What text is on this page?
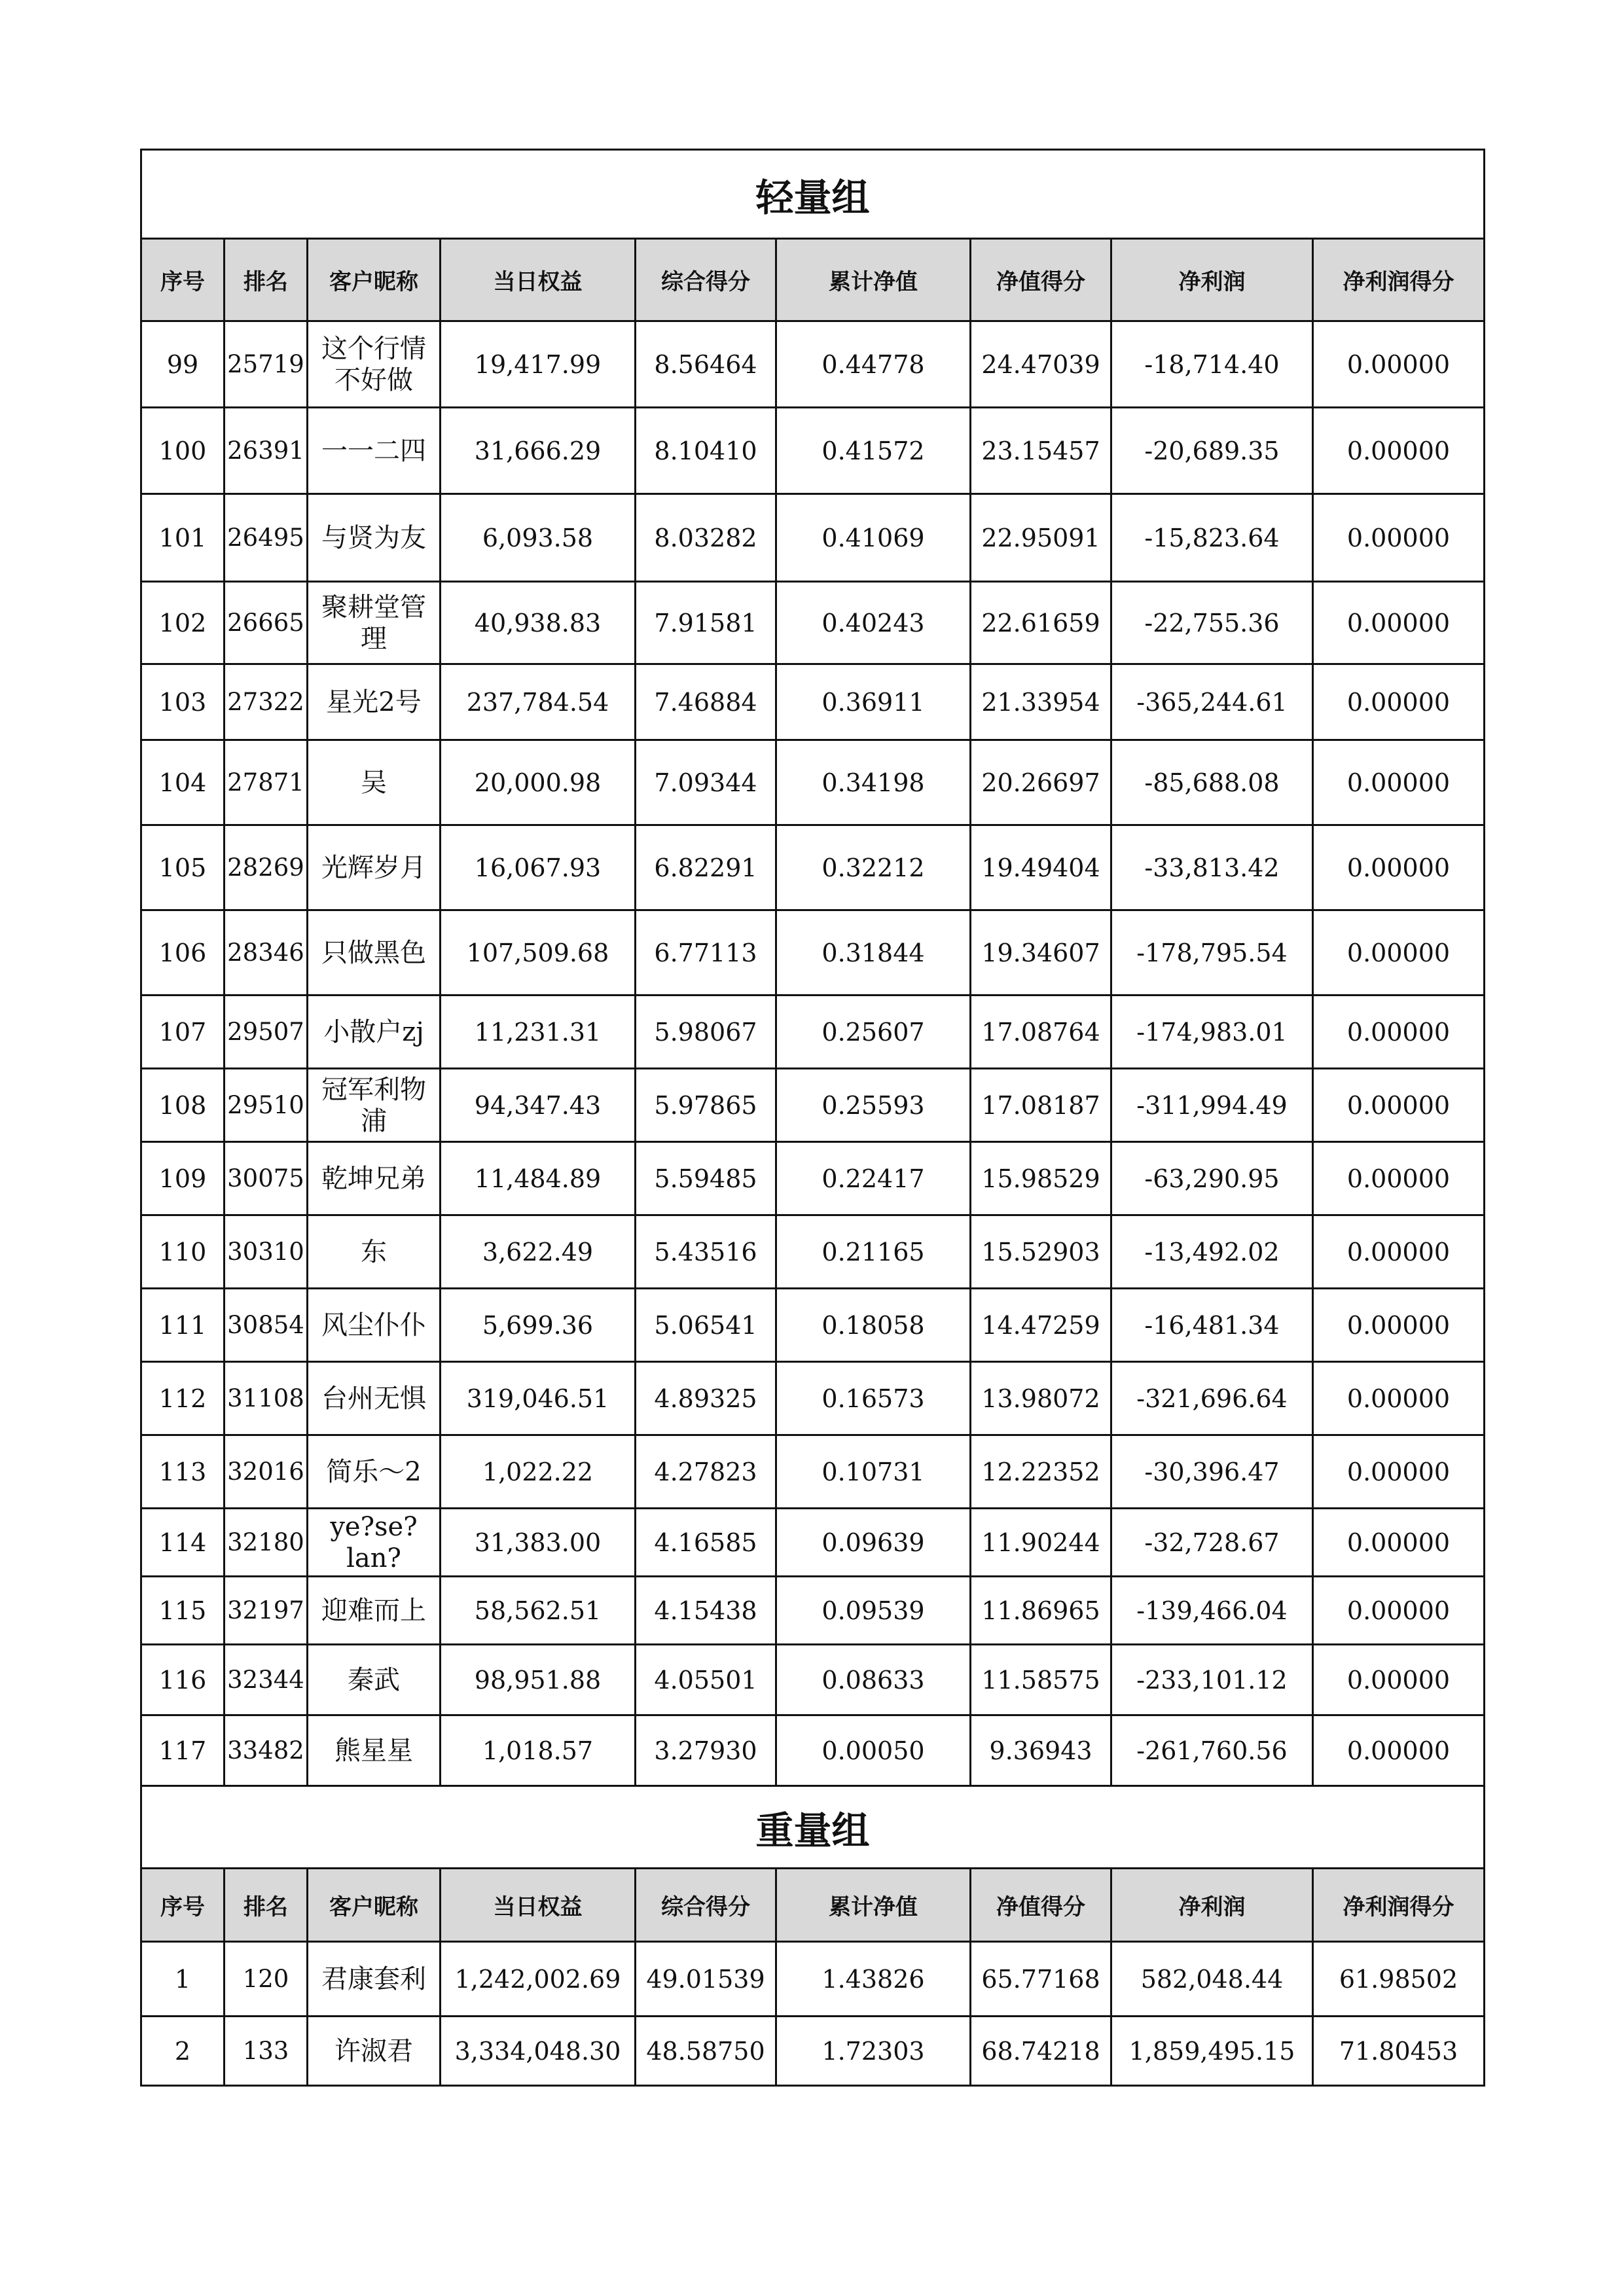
轻量组								
序号	排名	客户昵称	当日权益	综合得分	累计净值	净值得分	净利润	净利润得分
99	25719	这个行情不好做	19,417.99	8.56464	0.44778	24.47039	-18,714.40	0.00000
100	26391	一一二四	31,666.29	8.10410	0.41572	23.15457	-20,689.35	0.00000
101	26495	与贤为友	6,093.58	8.03282	0.41069	22.95091	-15,823.64	0.00000
102	26665	聚耕堂管理	40,938.83	7.91581	0.40243	22.61659	-22,755.36	0.00000
103	27322	星光2号	237,784.54	7.46884	0.36911	21.33954	-365,244.61	0.00000
104	27871	吴	20,000.98	7.09344	0.34198	20.26697	-85,688.08	0.00000
105	28269	光辉岁月	16,067.93	6.82291	0.32212	19.49404	-33,813.42	0.00000
106	28346	只做黑色	107,509.68	6.77113	0.31844	19.34607	-178,795.54	0.00000
107	29507	小散户zj	11,231.31	5.98067	0.25607	17.08764	-174,983.01	0.00000
108	29510	冠军利物浦	94,347.43	5.97865	0.25593	17.08187	-311,994.49	0.00000
109	30075	乾坤兄弟	11,484.89	5.59485	0.22417	15.98529	-63,290.95	0.00000
110	30310	东	3,622.49	5.43516	0.21165	15.52903	-13,492.02	0.00000
111	30854	风尘仆仆	5,699.36	5.06541	0.18058	14.47259	-16,481.34	0.00000
112	31108	台州无惧	319,046.51	4.89325	0.16573	13.98072	-321,696.64	0.00000
113	32016	简乐～2	1,022.22	4.27823	0.10731	12.22352	-30,396.47	0.00000
114	32180	ye?se?lan?	31,383.00	4.16585	0.09639	11.90244	-32,728.67	0.00000
115	32197	迎难而上	58,562.51	4.15438	0.09539	11.86965	-139,466.04	0.00000
116	32344	秦武	98,951.88	4.05501	0.08633	11.58575	-233,101.12	0.00000
117	33482	熊星星	1,018.57	3.27930	0.00050	9.36943	-261,760.56	0.00000
重量组								
序号	排名	客户昵称	当日权益	综合得分	累计净值	净值得分	净利润	净利润得分
1	120	君康套利	1,242,002.69	49.01539	1.43826	65.77168	582,048.44	61.98502
2	133	许淑君	3,334,048.30	48.58750	1.72303	68.74218	1,859,495.15	71.80453
